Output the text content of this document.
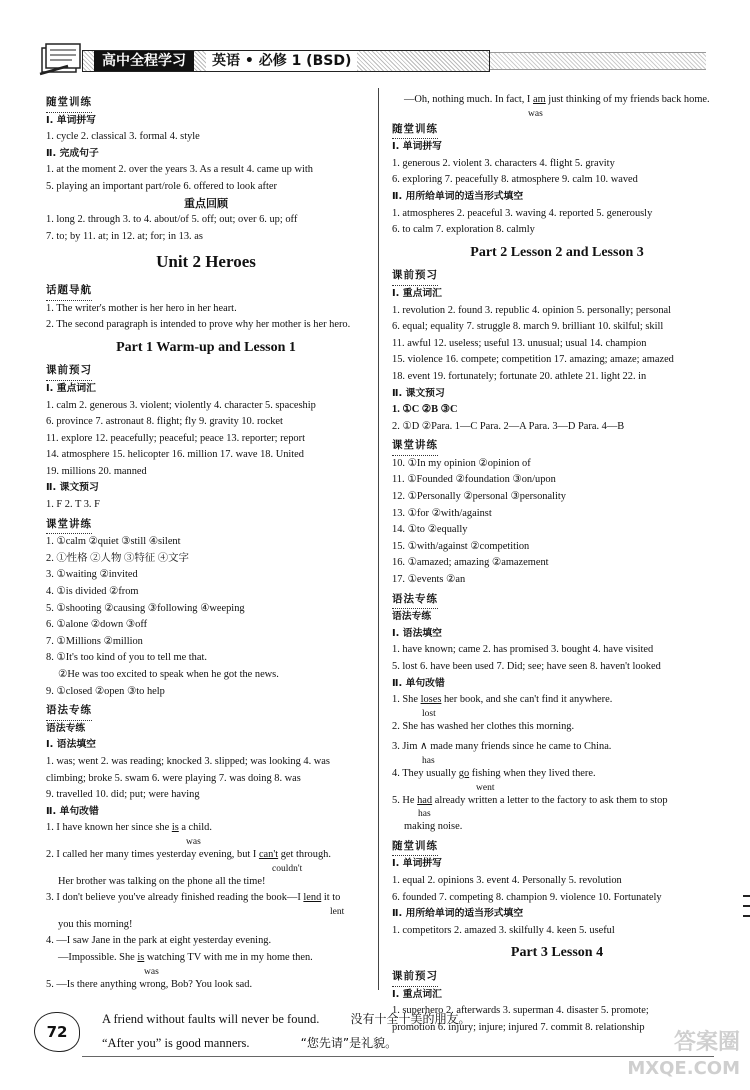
高中全程学习	英语 • 必修 1 (BSD)
随堂训练
Ⅰ. 单词拼写
1. cycle 2. classical 3. formal 4. style
Ⅱ. 完成句子
1. at the moment 2. over the years 3. As a result 4. came up with
5. playing an important part/role 6. offered to look after
重点回顾
1. long 2. through 3. to 4. about/of 5. off; out; over 6. up; off
7. to; by 11. at; in 12. at; for; in 13. as
Unit 2 Heroes
话题导航
1. The writer's mother is her hero in her heart.
2. The second paragraph is intended to prove why her mother is her hero.
Part 1 Warm-up and Lesson 1
课前预习
Ⅰ. 重点词汇
1. calm 2. generous 3. violent; violently 4. character 5. spaceship
6. province 7. astronaut 8. flight; fly 9. gravity 10. rocket
11. explore 12. peacefully; peaceful; peace 13. reporter; report
14. atmosphere 15. helicopter 16. million 17. wave 18. United
19. millions 20. manned
Ⅱ. 课文预习
1. F 2. T 3. F
课堂讲练
1. ①calm ②quiet ③still ④silent
2. ①性格 ②人物 ③特征 ④文字
3. ①waiting ②invited
4. ①is divided ②from
5. ①shooting ②causing ③following ④weeping
6. ①alone ②down ③off
7. ①Millions ②million
8. ①It's too kind of you to tell me that.
②He was too excited to speak when he got the news.
9. ①closed ②open ③to help
语法专练
语法专练
Ⅰ. 语法填空
1. was; went 2. was reading; knocked 3. slipped; was looking 4. was climbing; broke 5. swam 6. were playing 7. was doing 8. was
9. travelled 10. did; put; were having
Ⅱ. 单句改错
1. I have known her since she is a child.
was
2. I called her many times yesterday evening, but I can't get through.
couldn't
Her brother was talking on the phone all the time!
3. I don't believe you've already finished reading the book—I lend it to
lent
you this morning!
4. —I saw Jane in the park at eight yesterday evening.
—Impossible. She is watching TV with me in my home then.
was
5. —Is there anything wrong, Bob? You look sad.
—Oh, nothing much. In fact, I am just thinking of my friends back home.
was
随堂训练
Ⅰ. 单词拼写
1. generous 2. violent 3. characters 4. flight 5. gravity
6. exploring 7. peacefully 8. atmosphere 9. calm 10. waved
Ⅱ. 用所给单词的适当形式填空
1. atmospheres 2. peaceful 3. waving 4. reported 5. generously
6. to calm 7. exploration 8. calmly
Part 2 Lesson 2 and Lesson 3
课前预习
Ⅰ. 重点词汇
1. revolution 2. found 3. republic 4. opinion 5. personally; personal
6. equal; equality 7. struggle 8. march 9. brilliant 10. skilful; skill
11. awful 12. useless; useful 13. unusual; usual 14. champion
15. violence 16. compete; competition 17. amazing; amaze; amazed
18. event 19. fortunately; fortunate 20. athlete 21. light 22. in
Ⅱ. 课文预习
1. ①C ②B ③C
2. ①D ②Para. 1—C Para. 2—A Para. 3—D Para. 4—B
课堂讲练
10. ①In my opinion ②opinion of
11. ①Founded ②foundation ③on/upon
12. ①Personally ②personal ③personality
13. ①for ②with/against
14. ①to ②equally
15. ①with/against ②competition
16. ①amazed; amazing ②amazement
17. ①events ②an
语法专练
语法专练
Ⅰ. 语法填空
1. have known; came 2. has promised 3. bought 4. have visited
5. lost 6. have been used 7. Did; see; have seen 8. haven't looked
Ⅱ. 单句改错
1. She loses her book, and she can't find it anywhere.
lost
2. She has washed her clothes this morning.
3. Jim ∧ made many friends since he came to China.
has
4. They usually go fishing when they lived there.
went
5. He had already written a letter to the factory to ask them to stop
has
making noise.
随堂训练
Ⅰ. 单词拼写
1. equal 2. opinions 3. event 4. Personally 5. revolution
6. founded 7. competing 8. champion 9. violence 10. Fortunately
Ⅱ. 用所给单词的适当形式填空
1. competitors 2. amazed 3. skilfully 4. keen 5. useful
Part 3 Lesson 4
课前预习
Ⅰ. 重点词汇
1. superhero 2. afterwards 3. superman 4. disaster 5. promote;
promotion 6. injury; injure; injured 7. commit 8. relationship
72
A friend without faults will never be found.	没有十全十美的朋友。
“After you” is good manners.	“您先请”是礼貌。	答案圈
MXQE.COM
